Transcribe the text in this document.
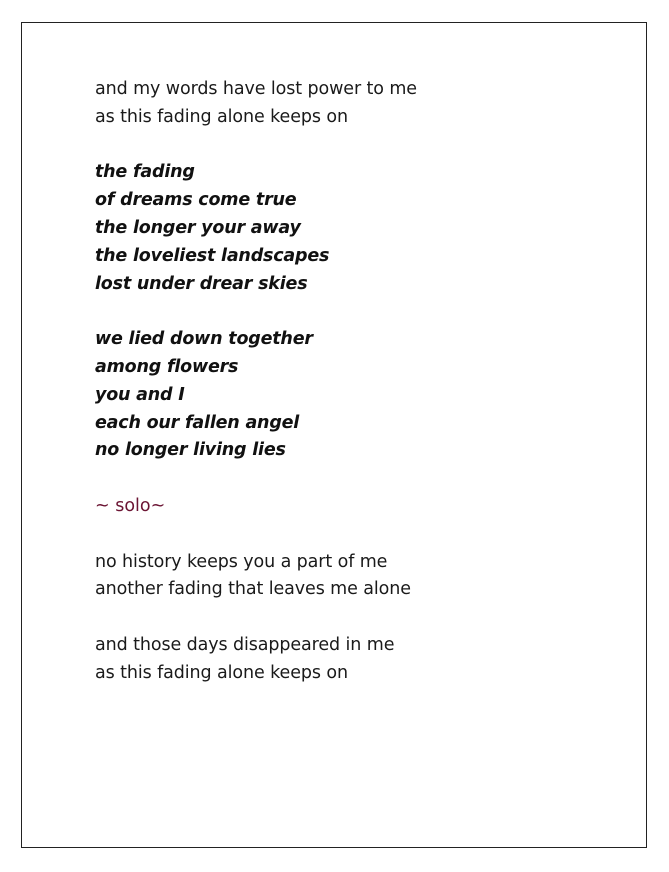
and my words have lost power to me
as this fading alone keeps on
the fading
of dreams come true
the longer your away
the loveliest landscapes
lost under drear skies
we lied down together
among flowers
you and I
each our fallen angel
no longer living lies
~ solo~
no history keeps you a part of me
another fading that leaves me alone
and those days disappeared in me
as this fading alone keeps on
